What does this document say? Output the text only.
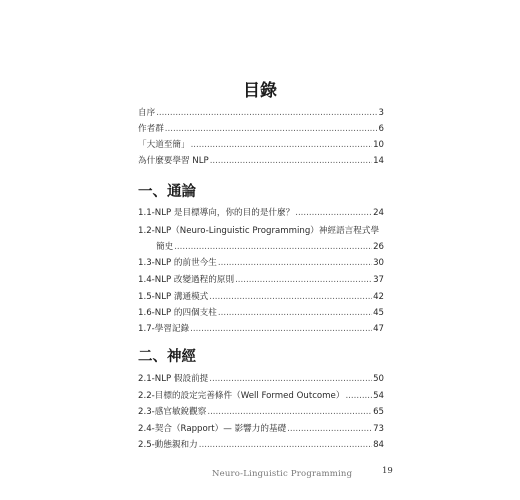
目錄
自序 .....	3
作者群 .....	6
「大道至簡」 .....	10
為什麼要學習 NLP .....	14
一、通論
1.1-NLP 是目標導向，你的目的是什麼？ .....	24
1.2-NLP（Neuro-Linguistic Programming）神經語言程式學
簡史 .....	26
1.3-NLP 的前世今生 .....	30
1.4-NLP 改變過程的原則 .....	37
1.5-NLP 溝通模式 .....	42
1.6-NLP 的四個支柱 .....	45
1.7-學習記錄 .....	47
二、神經
2.1-NLP 假設前提 .....	50
2.2-目標的設定完善條件（Well Formed Outcome） .....	54
2.3-感官敏銳觀察 .....	65
2.4-契合（Rapport）— 影響力的基礎 .....	73
2.5-動態親和力 .....	84
Neuro-Linguistic Programming	19
